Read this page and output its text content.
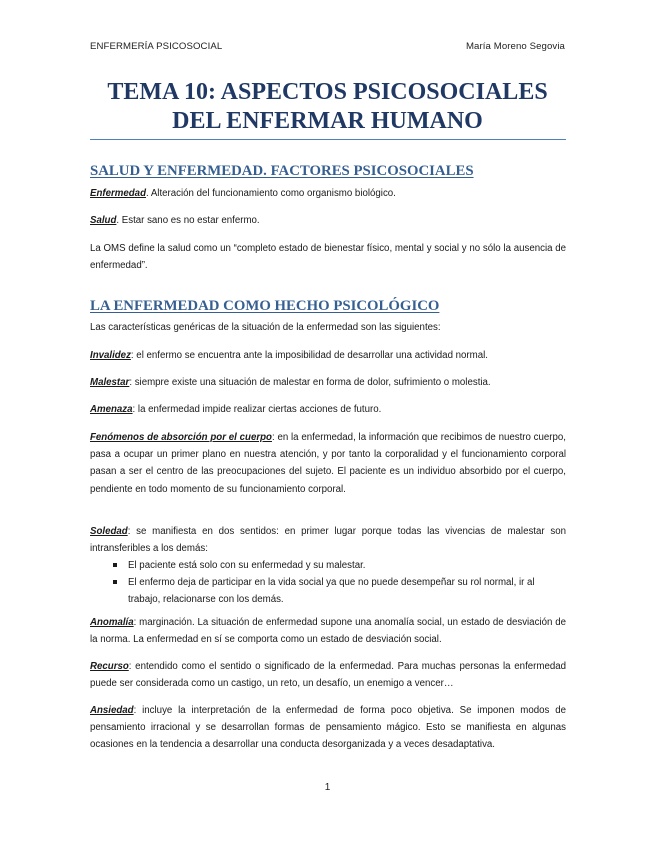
ENFERMERÍA PSICOSOCIAL	María Moreno Segovia
TEMA 10: ASPECTOS PSICOSOCIALES
DEL ENFERMAR HUMANO
SALUD Y ENFERMEDAD. FACTORES PSICOSOCIALES
Enfermedad. Alteración del funcionamiento como organismo biológico.
Salud. Estar sano es no estar enfermo.
La OMS define la salud como un “completo estado de bienestar físico, mental y social y no sólo la ausencia de enfermedad”.
LA ENFERMEDAD COMO HECHO PSICOLÓGICO
Las características genéricas de la situación de la enfermedad son las siguientes:
Invalidez: el enfermo se encuentra ante la imposibilidad de desarrollar una actividad normal.
Malestar: siempre existe una situación de malestar en forma de dolor, sufrimiento o molestia.
Amenaza: la enfermedad impide realizar ciertas acciones de futuro.
Fenómenos de absorción por el cuerpo: en la enfermedad, la información que recibimos de nuestro cuerpo, pasa a ocupar un primer plano en nuestra atención, y por tanto la corporalidad y el funcionamiento corporal pasan a ser el centro de las preocupaciones del sujeto. El paciente es un individuo absorbido por el cuerpo, pendiente en todo momento de su funcionamiento corporal.
Soledad: se manifiesta en dos sentidos: en primer lugar porque todas las vivencias de malestar son intransferibles a los demás:
El paciente está solo con su enfermedad y su malestar.
El enfermo deja de participar en la vida social ya que no puede desempeñar su rol normal, ir al trabajo, relacionarse con los demás.
Anomalía: marginación. La situación de enfermedad supone una anomalía social, un estado de desviación de la norma. La enfermedad en sí se comporta como un estado de desviación social.
Recurso: entendido como el sentido o significado de la enfermedad. Para muchas personas la enfermedad puede ser considerada como un castigo, un reto, un desafío, un enemigo a vencer…
Ansiedad: incluye la interpretación de la enfermedad de forma poco objetiva. Se imponen modos de pensamiento irracional y se desarrollan formas de pensamiento mágico. Esto se manifiesta en algunas ocasiones en la tendencia a desarrollar una conducta desorganizada y a veces desadaptativa.
1
